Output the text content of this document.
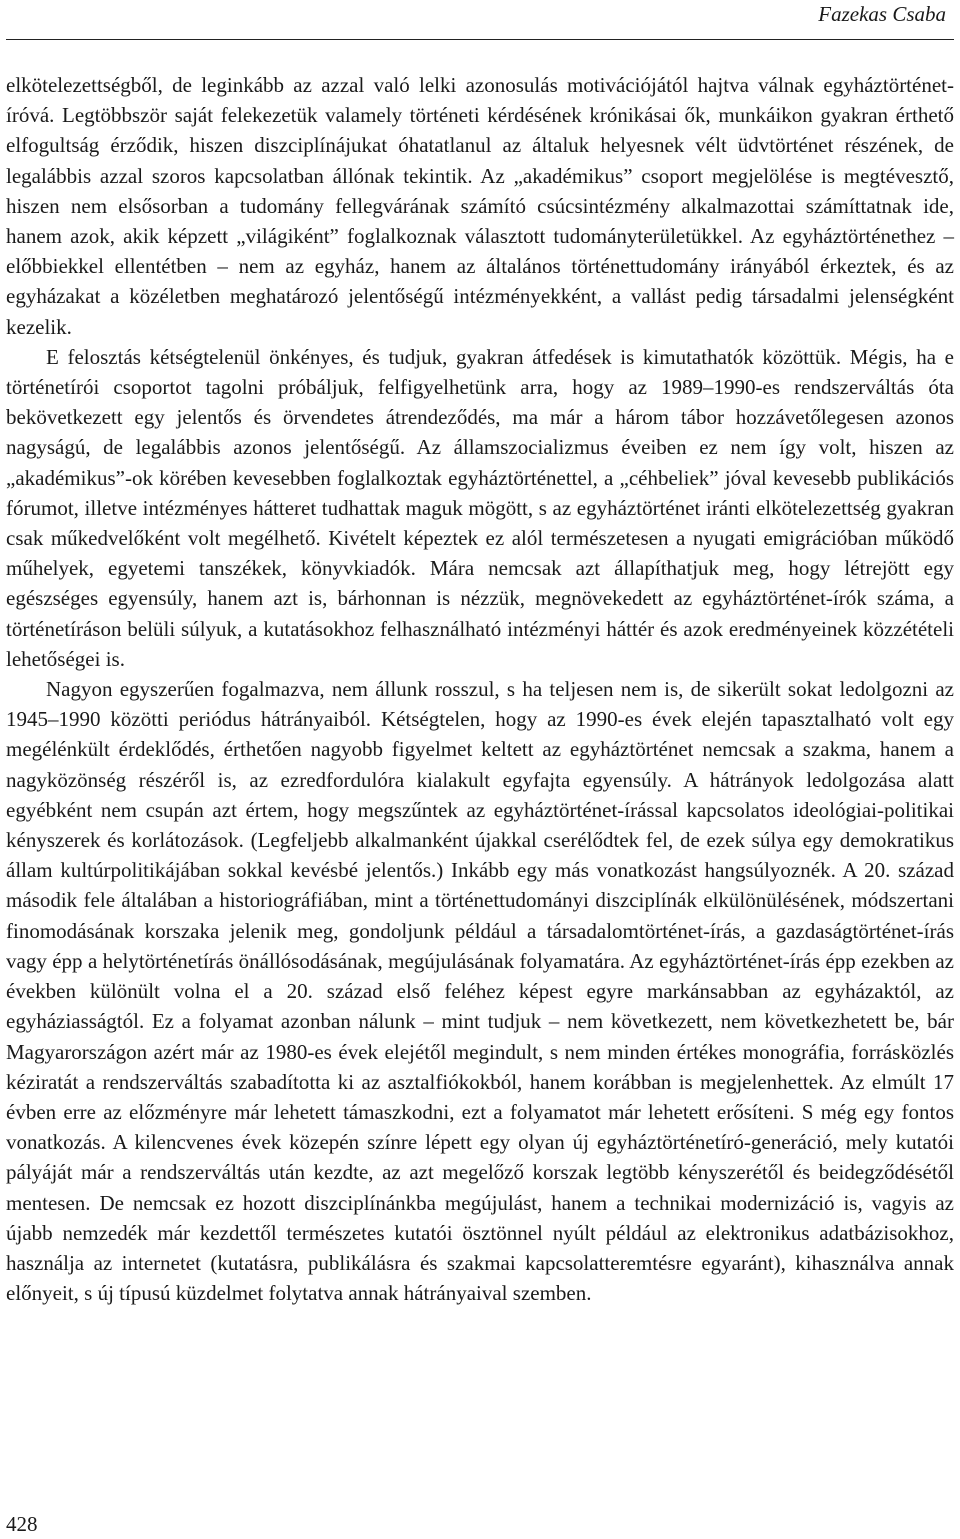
Fazekas Csaba

elkötelezettségből, de leginkább az azzal való lelki azonosulás motivációjától hajtva válnak egyháztörténet-íróvá. Legtöbbször saját felekezetük valamely történeti kérdésének krónikásai ők, munkáikon gyakran érthető elfogultság érződik, hiszen diszciplínájukat óhatatlanul az általuk helyesnek vélt üdvtörténet részének, de legalábbis azzal szoros kapcsolatban állónak tekintik. Az „akadémikus” csoport megjelölése is megtévesztő, hiszen nem elsősorban a tudomány fellegvárának számító csúcsintézmény alkalmazottai számíttatnak ide, hanem azok, akik képzett „világiként” foglalkoznak választott tudományterületükkel. Az egyháztörténethez – előbbiekkel ellentétben – nem az egyház, hanem az általános történettudomány irányából érkeztek, és az egyházakat a közéletben meghatározó jelentőségű intézményekként, a vallást pedig társadalmi jelenségként kezelik.

E felosztás kétségtelenül önkényes, és tudjuk, gyakran átfedések is kimutathatók közöttük. Mégis, ha e történetírói csoportot tagolni próbáljuk, felfigyelhetünk arra, hogy az 1989–1990-es rendszerváltás óta bekövetkezett egy jelentős és örvendetes átrendeződés, ma már a három tábor hozzávetőlegesen azonos nagyságú, de legalábbis azonos jelentőségű. Az államszocializmus éveiben ez nem így volt, hiszen az „akadémikus”-ok körében kevesebben foglalkoztak egyháztörténettel, a „céhbeliek” jóval kevesebb publikációs fórumot, illetve intézményes hátteret tudhattak maguk mögött, s az egyháztörténet iránti elkötelezettség gyakran csak műkedvelőként volt megélhető. Kivételt képeztek ez alól természetesen a nyugati emigrációban működő műhelyek, egyetemi tanszékek, könyvkiadók. Mára nemcsak azt állapíthatjuk meg, hogy létrejött egy egészséges egyensúly, hanem azt is, bárhonnan is nézzük, megnövekedett az egyháztörténet-írók száma, a történetíráson belüli súlyuk, a kutatásokhoz felhasználható intézményi háttér és azok eredményeinek közzétételi lehetőségei is.

Nagyon egyszerűen fogalmazva, nem állunk rosszul, s ha teljesen nem is, de sikerült sokat ledolgozni az 1945–1990 közötti periódus hátrányaiból. Kétségtelen, hogy az 1990-es évek elején tapasztalható volt egy megélénkült érdeklődés, érthetően nagyobb figyelmet keltett az egyháztörténet nemcsak a szakma, hanem a nagyközönség részéről is, az ezredfordulóra kialakult egyfajta egyensúly. A hátrányok ledolgozása alatt egyébként nem csupán azt értem, hogy megszűntek az egyháztörténet-írással kapcsolatos ideológiai-politikai kényszerek és korlátozások. (Legfeljebb alkalmanként újakkal cserélődtek fel, de ezek súlya egy demokratikus állam kultúrpolitikájában sokkal kevésbé jelentős.) Inkább egy más vonatkozást hangsúlyoznék. A 20. század második fele általában a historiográfiában, mint a történettudományi diszciplínák elkülönülésének, módszertani finomodásának korszaka jelenik meg, gondoljunk például a társadalomtörténet-írás, a gazdaságtörténet-írás vagy épp a helytörténetírás önállósodásának, megújulásának folyamatára. Az egyháztörténet-írás épp ezekben az években különült volna el a 20. század első feléhez képest egyre markánsabban az egyházaktól, az egyháziasságtól. Ez a folyamat azonban nálunk – mint tudjuk – nem következett, nem következhetett be, bár Magyarországon azért már az 1980-es évek elejétől megindult, s nem minden értékes monográfia, forrásközlés kéziratát a rendszerváltás szabadította ki az asztalfiókokból, hanem korábban is megjelenhettek. Az elmúlt 17 évben erre az előzményre már lehetett támaszkodni, ezt a folyamatot már lehetett erősíteni. S még egy fontos vonatkozás. A kilencvenes évek közepén színre lépett egy olyan új egyháztörténetíró-generáció, mely kutatói pályáját már a rendszerváltás után kezdte, az azt megelőző korszak legtöbb kényszerétől és beidegződésétől mentesen. De nemcsak ez hozott diszciplínánkba megújulást, hanem a technikai modernizáció is, vagyis az újabb nemzedék már kezdettől természetes kutatói ösztönnel nyúlt például az elektronikus adatbázisokhoz, használja az internetet (kutatásra, publikálásra és szakmai kapcsolatteremtésre egyaránt), kihasználva annak előnyeit, s új típusú küzdelmet folytatva annak hátrányaival szemben.

428
